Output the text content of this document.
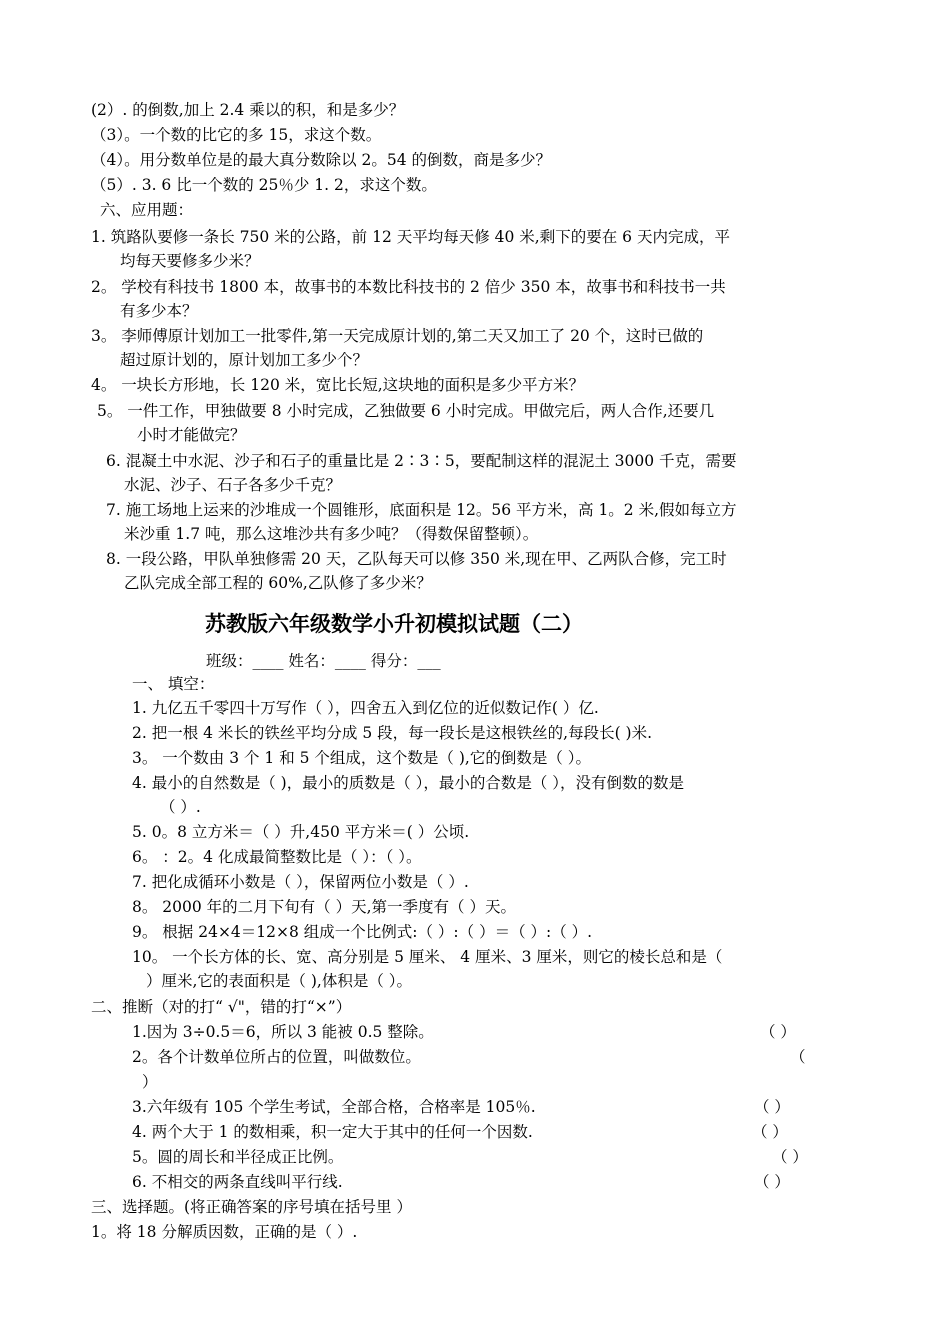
(2）. 的倒数,加上 2.4 乘以的积，和是多少？
（3）。一个数的比它的多 15，求这个数。
（4）。用分数单位是的最大真分数除以 2。54 的倒数，商是多少？
（5）. 3. 6 比一个数的 25％少 1. 2，求这个数。
六、应用题：
1. 筑路队要修一条长 750 米的公路，前 12 天平均每天修 40 米,剩下的要在 6 天内完成，平
均每天要修多少米？
2。 学校有科技书 1800 本，故事书的本数比科技书的 2 倍少 350 本，故事书和科技书一共
有多少本？
3。 李师傅原计划加工一批零件,第一天完成原计划的,第二天又加工了 20 个，这时已做的
超过原计划的，原计划加工多少个？
4。 一块长方形地，长 120 米，宽比长短,这块地的面积是多少平方米？
5。 一件工作，甲独做要 8 小时完成，乙独做要 6 小时完成。甲做完后，两人合作,还要几
小时才能做完？
6. 混凝土中水泥、沙子和石子的重量比是 2∶3∶5，要配制这样的混泥土 3000 千克，需要
水泥、沙子、石子各多少千克？
7. 施工场地上运来的沙堆成一个圆锥形，底面积是 12。56 平方米，高 1。2 米,假如每立方
米沙重 1.7 吨，那么这堆沙共有多少吨？（得数保留整顿）。
8. 一段公路，甲队单独修需 20 天，乙队每天可以修 350 米,现在甲、乙两队合修，完工时
乙队完成全部工程的 60%,乙队修了多少米？
苏教版六年级数学小升初模拟试题（二）
班级：____ 姓名：____ 得分：___
一、 填空：
1. 九亿五千零四十万写作（ ），四舍五入到亿位的近似数记作( ）亿.
2. 把一根 4 米长的铁丝平均分成 5 段，每一段长是这根铁丝的,每段长( )米.
3。 一个数由 3 个 1 和 5 个组成，这个数是（ ),它的倒数是（ ）。
4. 最小的自然数是（ )，最小的质数是（ ），最小的合数是（ ），没有倒数的数是
（ ）.
5. 0。8 立方米＝（ ）升,450 平方米＝( ）公顷.
6。 ：2。4 化成最简整数比是（ ）：（ ）。
7. 把化成循环小数是（ ），保留两位小数是（ ）.
8。 2000 年的二月下旬有（ ）天,第一季度有（ ）天。
9。 根据 24×4＝12×8 组成一个比例式:（ ）:（ ）＝（ ）:（ ）.
10。 一个长方体的长、宽、高分别是 5 厘米、 4 厘米、3 厘米，则它的棱长总和是（
）厘米,它的表面积是（ ),体积是（ ）。
二、推断（对的打“ √"，错的打“×”）
1.因为 3÷0.5＝6，所以 3 能被 0.5 整除。	（ ）
2。各个计数单位所占的位置，叫做数位。	（
）
3.六年级有 105 个学生考试，全部合格，合格率是 105％.	（ ）
4. 两个大于 1 的数相乘，积一定大于其中的任何一个因数.	（ ）
5。圆的周长和半径成正比例。	（ ）
6. 不相交的两条直线叫平行线.	（ ）
三、选择题。(将正确答案的序号填在括号里 ）
1。将 18 分解质因数，正确的是（ ）.
